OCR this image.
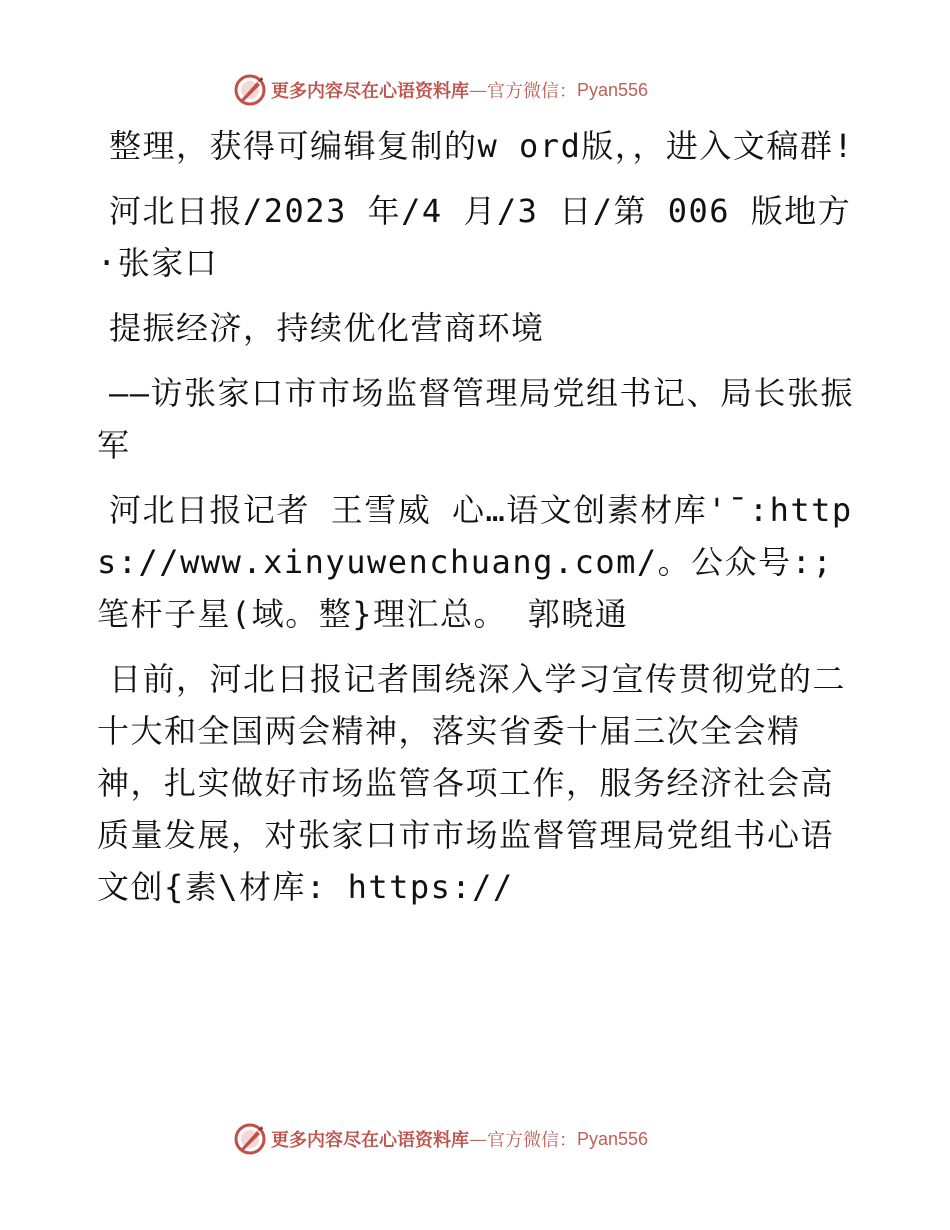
更多内容尽在心语资料库 — 官方微信： Pyan556

整理，获得可编辑复制的w ord版，，进入文稿群!

河北日报/2023 年/4 月/3 日/第 006 版地方·张家口

提振经济，持续优化营商环境

——访张家口市市场监督管理局党组书记、局长张振军

河北日报记者 王雪威 心…语文创素材库'¯:https://www.xinyuwenchuang.com/。公众号:;笔杆子星(域。整}理汇总。 郭晓通

日前，河北日报记者围绕深入学习宣传贯彻党的二十大和全国两会精神，落实省委十届三次全会精神，扎实做好市场监管各项工作，服务经济社会高质量发展，对张家口市市场监督管理局党组书心语文创{素\材库: https://

更多内容尽在心语资料库 — 官方微信： Pyan556
